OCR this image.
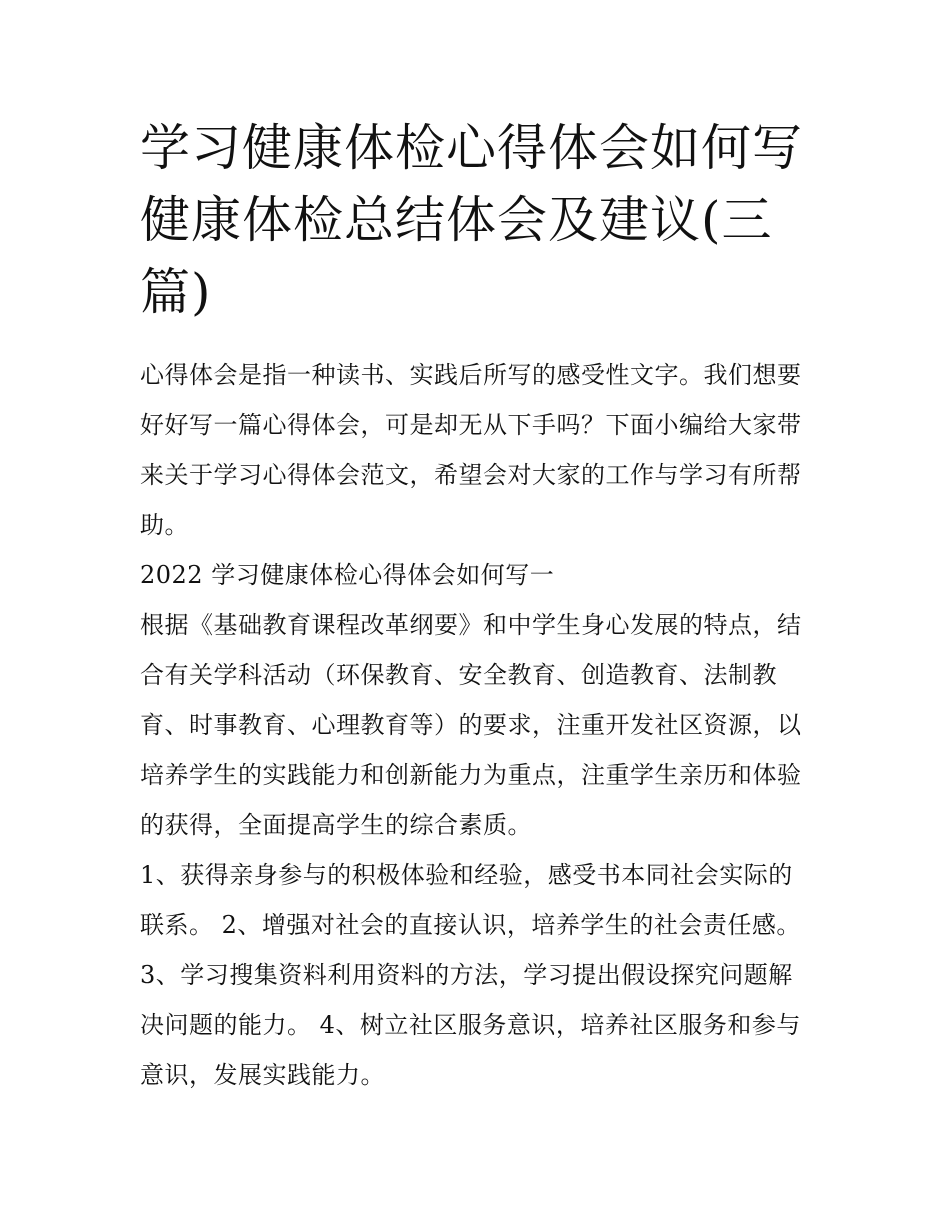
学习健康体检心得体会如何写
健康体检总结体会及建议(三
篇)
心得体会是指一种读书、实践后所写的感受性文字。我们想要
好好写一篇心得体会，可是却无从下手吗？下面小编给大家带
来关于学习心得体会范文，希望会对大家的工作与学习有所帮
助。
2022 学习健康体检心得体会如何写一
根据《基础教育课程改革纲要》和中学生身心发展的特点，结
合有关学科活动（环保教育、安全教育、创造教育、法制教
育、时事教育、心理教育等）的要求，注重开发社区资源，以
培养学生的实践能力和创新能力为重点，注重学生亲历和体验
的获得，全面提高学生的综合素质。
1、获得亲身参与的积极体验和经验，感受书本同社会实际的
联系。 2、增强对社会的直接认识，培养学生的社会责任感。
3、学习搜集资料利用资料的方法，学习提出假设探究问题解
决问题的能力。 4、树立社区服务意识，培养社区服务和参与
意识，发展实践能力。
